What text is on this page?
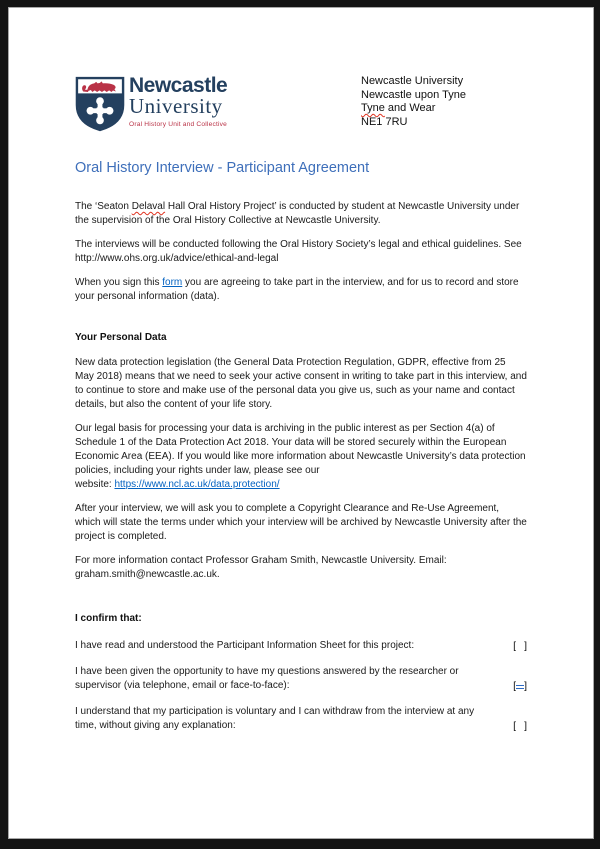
Newcastle
University
Oral History Unit and Collective
Newcastle University
Newcastle upon Tyne
Tyne and Wear
NE1 7RU
Oral History Interview - Participant Agreement

The ‘Seaton Delaval Hall Oral History Project’ is conducted by student at Newcastle University under the supervision of the Oral History Collective at Newcastle University.

The interviews will be conducted following the Oral History Society’s legal and ethical guidelines. See http://www.ohs.org.uk/advice/ethical-and-legal

When you sign this form you are agreeing to take part in the interview, and for us to record and store your personal information (data).

Your Personal Data

New data protection legislation (the General Data Protection Regulation, GDPR, effective from 25 May 2018) means that we need to seek your active consent in writing to take part in this interview, and to continue to store and make use of the personal data you give us, such as your name and contact details, but also the content of your life story.

Our legal basis for processing your data is archiving in the public interest as per Section 4(a) of Schedule 1 of the Data Protection Act 2018. Your data will be stored securely within the European Economic Area (EEA). If you would like more information about Newcastle University’s data protection policies, including your rights under law, please see our
website: https://www.ncl.ac.uk/data.protection/

After your interview, we will ask you to complete a Copyright Clearance and Re-Use Agreement, which will state the terms under which your interview will be archived by Newcastle University after the project is completed.

For more information contact Professor Graham Smith, Newcastle University. Email: graham.smith@newcastle.ac.uk.

I confirm that:
I have read and understood the Participant Information Sheet for this project:	[ ]
I have been given the opportunity to have my questions answered by the researcher or supervisor (via telephone, email or face-to-face):	[ ]
I understand that my participation is voluntary and I can withdraw from the interview at any time, without giving any explanation:	[ ]
